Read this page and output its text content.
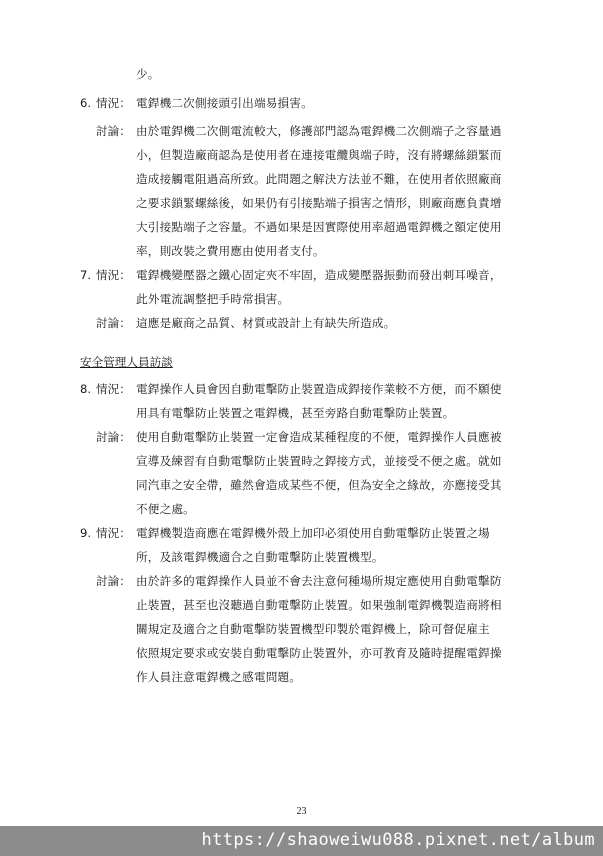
少。
6. 情況： 電銲機二次側接頭引出端易損害。
討論： 由於電銲機二次側電流較大，修護部門認為電銲機二次側端子之容量過
小，但製造廠商認為是使用者在連接電纜與端子時，沒有將螺絲鎖緊而
造成接觸電阻過高所致。此問題之解決方法並不難，在使用者依照廠商
之要求鎖緊螺絲後，如果仍有引接點端子損害之情形，則廠商應負責增
大引接點端子之容量。不過如果是因實際使用率超過電銲機之額定使用
率，則改裝之費用應由使用者支付。
7. 情況： 電銲機變壓器之鐵心固定夾不牢固，造成變壓器振動而發出刺耳噪音，
此外電流調整把手時常損害。
討論： 這應是廠商之品質、材質或設計上有缺失所造成。
安全管理人員訪談
8. 情況： 電銲操作人員會因自動電擊防止裝置造成銲接作業較不方便，而不願使
用具有電擊防止裝置之電銲機，甚至旁路自動電擊防止裝置。
討論： 使用自動電擊防止裝置一定會造成某種程度的不便，電銲操作人員應被
宣導及練習有自動電擊防止裝置時之銲接方式，並接受不便之處。就如
同汽車之安全帶，雖然會造成某些不便，但為安全之緣故，亦應接受其
不便之處。
9. 情況： 電銲機製造商應在電銲機外殼上加印必須使用自動電擊防止裝置之場
所，及該電銲機適合之自動電擊防止裝置機型。
討論： 由於許多的電銲操作人員並不會去注意何種場所規定應使用自動電擊防
止裝置，甚至也沒聽過自動電擊防止裝置。如果強制電銲機製造商將相
關規定及適合之自動電擊防裝置機型印製於電銲機上，除可督促雇主
依照規定要求或安裝自動電擊防止裝置外，亦可教育及隨時提醒電銲操
作人員注意電銲機之感電問題。
23
https://shaoweiwu088.pixnet.net/album
